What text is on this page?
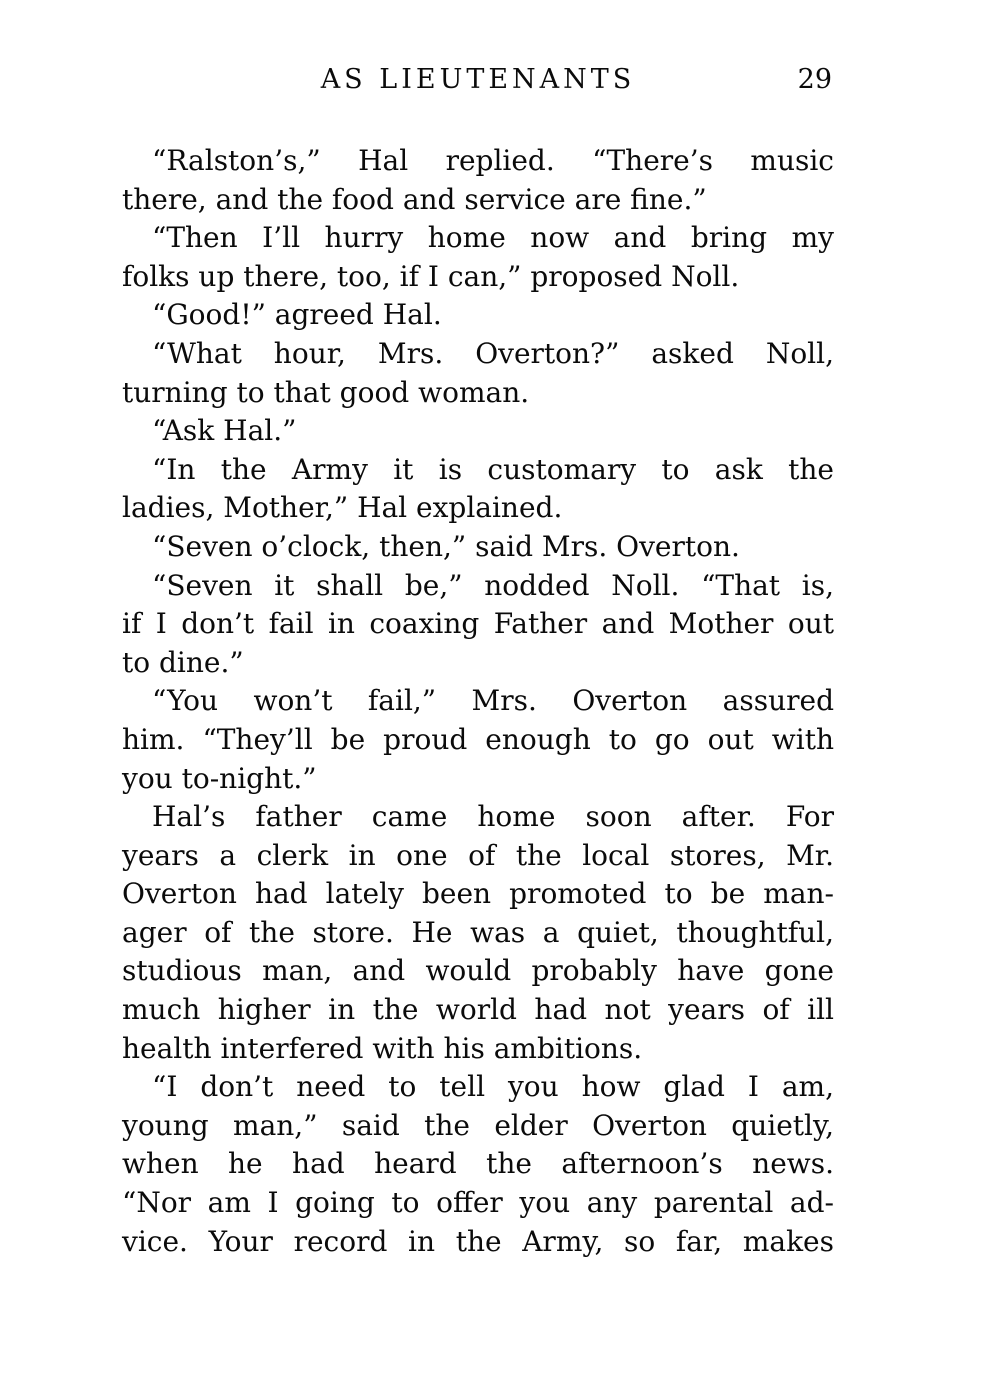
AS LIEUTENANTS	29
“Ralston’s,” Hal replied. “There’s music
there, and the food and service are fine.”
“Then I’ll hurry home now and bring my
folks up there, too, if I can,” proposed Noll.
“Good!” agreed Hal.
“What hour, Mrs. Overton?” asked Noll,
turning to that good woman.
“Ask Hal.”
“In the Army it is customary to ask the
ladies, Mother,” Hal explained.
“Seven o’clock, then,” said Mrs. Overton.
“Seven it shall be,” nodded Noll. “That is,
if I don’t fail in coaxing Father and Mother out
to dine.”
“You won’t fail,” Mrs. Overton assured
him. “They’ll be proud enough to go out with
you to-night.”
Hal’s father came home soon after. For
years a clerk in one of the local stores, Mr.
Overton had lately been promoted to be man-
ager of the store. He was a quiet, thoughtful,
studious man, and would probably have gone
much higher in the world had not years of ill
health interfered with his ambitions.
“I don’t need to tell you how glad I am,
young man,” said the elder Overton quietly,
when he had heard the afternoon’s news.
“Nor am I going to offer you any parental ad-
vice. Your record in the Army, so far, makes
